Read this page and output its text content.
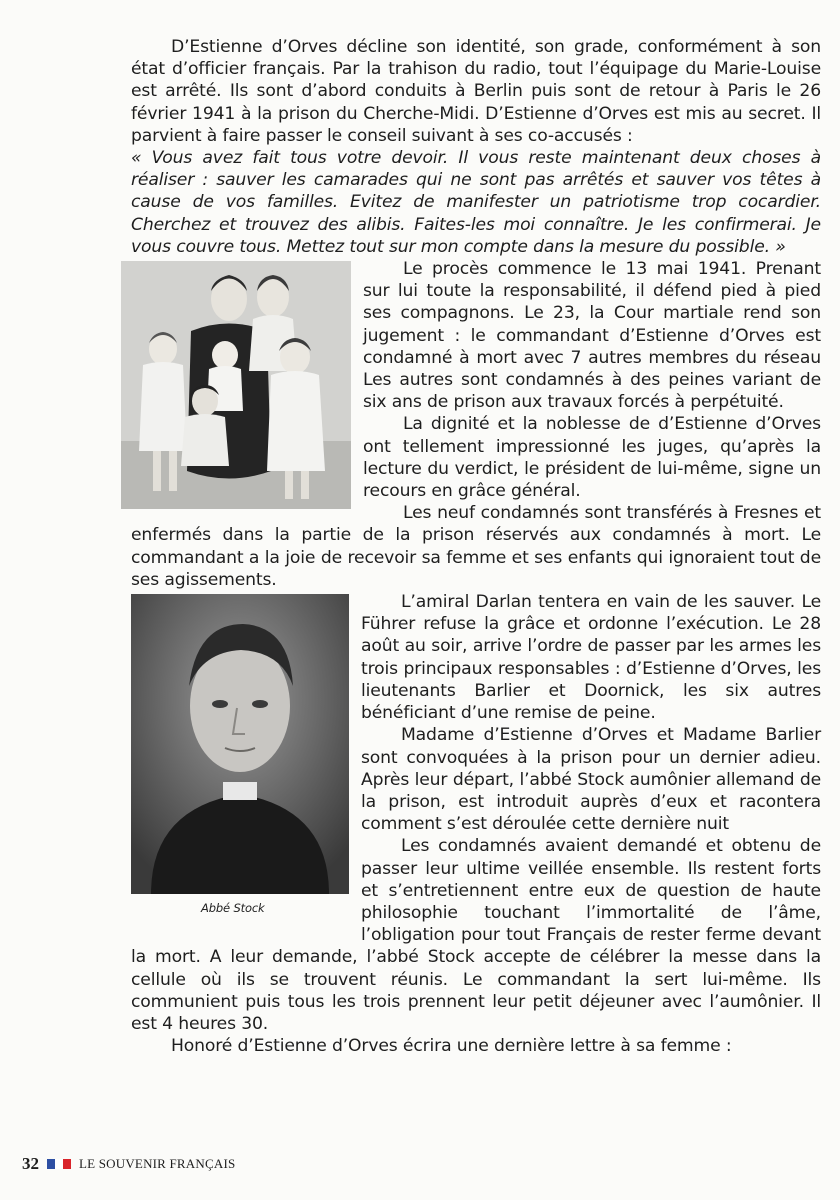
D’Estienne d’Orves décline son identité, son grade, conformément à son état d’officier français. Par la trahison du radio, tout l’équipage du Marie-Louise est arrêté. Ils sont d’abord conduits à Berlin puis sont de retour à Paris le 26 février 1941 à la prison du Cherche-Midi. D’Estienne d’Orves est mis au secret. Il parvient à faire passer le conseil suivant à ses co-accusés :

« Vous avez fait tous votre devoir. Il vous reste maintenant deux choses à réaliser : sauver les camarades qui ne sont pas arrêtés et sauver vos têtes à cause de vos familles. Evitez de manifester un patriotisme trop cocardier. Cherchez et trouvez des alibis. Faites-les moi connaître. Je les confirmerai. Je vous couvre tous. Mettez tout sur mon compte dans la mesure du possible. »

Le procès commence le 13 mai 1941. Prenant sur lui toute la responsabilité, il défend pied à pied ses compagnons. Le 23, la Cour martiale rend son jugement : le commandant d’Estienne d’Orves est condamné à mort avec 7 autres membres du réseau Les autres sont condamnés à des peines variant de six ans de prison aux travaux forcés à perpétuité.

La dignité et la noblesse de d’Estienne d’Orves ont tellement impressionné les juges, qu’après la lecture du verdict, le président de lui-même, signe un recours en grâce général.

Les neuf condamnés sont transférés à Fresnes et enfermés dans la partie de la prison réservés aux condamnés à mort. Le commandant a la joie de recevoir sa femme et ses enfants qui ignoraient tout de ses agissements.

Abbé Stock

L’amiral Darlan tentera en vain de les sauver. Le Führer refuse la grâce et ordonne l’exécution. Le 28 août au soir, arrive l’ordre de passer par les armes les trois principaux responsables : d’Estienne d’Orves, les lieutenants Barlier et Doornick, les six autres bénéficiant d’une remise de peine.

Madame d’Estienne d’Orves et Madame Barlier sont convoquées à la prison pour un dernier adieu. Après leur départ, l’abbé Stock aumônier allemand de la prison, est introduit auprès d’eux et racontera comment s’est déroulée cette dernière nuit

Les condamnés avaient demandé et obtenu de passer leur ultime veillée ensemble. Ils restent forts et s’entretiennent entre eux de question de haute philosophie touchant l’immortalité de l’âme, l’obligation pour tout Français de rester ferme devant la mort. A leur demande, l’abbé Stock accepte de célébrer la messe dans la cellule où ils se trouvent réunis. Le commandant la sert lui-même. Ils communient puis tous les trois prennent leur petit déjeuner avec l’aumônier. Il est 4 heures 30.

Honoré d’Estienne d’Orves écrira une dernière lettre à sa femme :

32	LE SOUVENIR FRANÇAIS
